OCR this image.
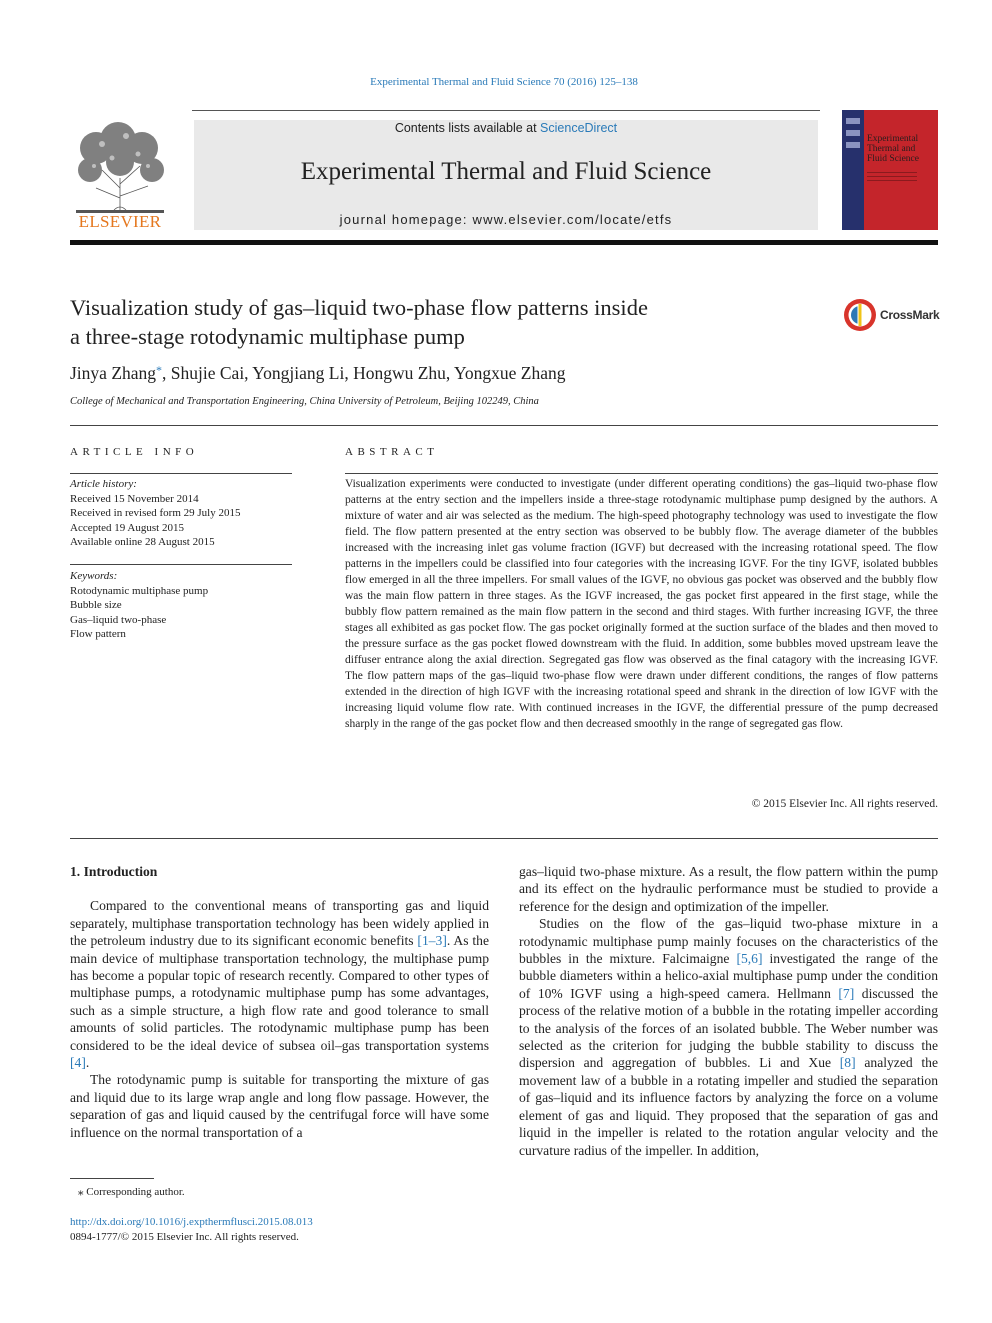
Experimental Thermal and Fluid Science 70 (2016) 125–138
ELSEVIER
Contents lists available at ScienceDirect
Experimental Thermal and Fluid Science
journal homepage: www.elsevier.com/locate/etfs
Experimental Thermal and Fluid Science
Visualization study of gas–liquid two-phase flow patterns inside
a three-stage rotodynamic multiphase pump
CrossMark
Jinya Zhang*, Shujie Cai, Yongjiang Li, Hongwu Zhu, Yongxue Zhang
College of Mechanical and Transportation Engineering, China University of Petroleum, Beijing 102249, China
ARTICLE INFO
Article history:
Received 15 November 2014
Received in revised form 29 July 2015
Accepted 19 August 2015
Available online 28 August 2015
Keywords:
Rotodynamic multiphase pump
Bubble size
Gas–liquid two-phase
Flow pattern
ABSTRACT
Visualization experiments were conducted to investigate (under different operating conditions) the gas–liquid two-phase flow patterns at the entry section and the impellers inside a three-stage rotodynamic multiphase pump designed by the authors. A mixture of water and air was selected as the medium. The high-speed photography technology was used to investigate the flow field. The flow pattern presented at the entry section was observed to be bubbly flow. The average diameter of the bubbles increased with the increasing inlet gas volume fraction (IGVF) but decreased with the increasing rotational speed. The flow patterns in the impellers could be classified into four categories with the increasing IGVF. For the tiny IGVF, isolated bubbles flow emerged in all the three impellers. For small values of the IGVF, no obvious gas pocket was observed and the bubbly flow was the main flow pattern in three stages. As the IGVF increased, the gas pocket first appeared in the first stage, while the bubbly flow pattern remained as the main flow pattern in the second and third stages. With further increasing IGVF, the three stages all exhibited as gas pocket flow. The gas pocket originally formed at the suction surface of the blades and then moved to the pressure surface as the gas pocket flowed downstream with the fluid. In addition, some bubbles moved upstream leave the diffuser entrance along the axial direction. Segregated gas flow was observed as the final catagory with the increasing IGVF. The flow pattern maps of the gas–liquid two-phase flow were drawn under different conditions, the ranges of flow patterns extended in the direction of high IGVF with the increasing rotational speed and shrank in the direction of low IGVF with the increasing liquid volume flow rate. With continued increases in the IGVF, the differential pressure of the pump decreased sharply in the range of the gas pocket flow and then decreased smoothly in the range of segregated gas flow.
© 2015 Elsevier Inc. All rights reserved.
1. Introduction

Compared to the conventional means of transporting gas and liquid separately, multiphase transportation technology has been widely applied in the petroleum industry due to its significant economic benefits [1–3]. As the main device of multiphase transportation technology, the multiphase pump has become a popular topic of research recently. Compared to other types of multiphase pumps, a rotodynamic multiphase pump has some advantages, such as a simple structure, a high flow rate and good tolerance to small amounts of solid particles. The rotodynamic multiphase pump has been considered to be the ideal device of subsea oil–gas transportation systems [4].

The rotodynamic pump is suitable for transporting the mixture of gas and liquid due to its large wrap angle and long flow passage. However, the separation of gas and liquid caused by the centrifugal force will have some influence on the normal transportation of a

gas–liquid two-phase mixture. As a result, the flow pattern within the pump and its effect on the hydraulic performance must be studied to provide a reference for the design and optimization of the impeller.

Studies on the flow of the gas–liquid two-phase mixture in a rotodynamic multiphase pump mainly focuses on the characteristics of the bubbles in the mixture. Falcimaigne [5,6] investigated the range of the bubble diameters within a helico-axial multiphase pump under the condition of 10% IGVF using a high-speed camera. Hellmann [7] discussed the process of the relative motion of a bubble in the rotating impeller according to the analysis of the forces of an isolated bubble. The Weber number was selected as the criterion for judging the bubble stability to discuss the dispersion and aggregation of bubbles. Li and Xue [8] analyzed the movement law of a bubble in a rotating impeller and studied the separation of gas–liquid and its influence factors by analyzing the force on a volume element of gas and liquid. They proposed that the separation of gas and liquid in the impeller is related to the rotation angular velocity and the curvature radius of the impeller. In addition,

⁎ Corresponding author.
http://dx.doi.org/10.1016/j.expthermflusci.2015.08.013
0894-1777/© 2015 Elsevier Inc. All rights reserved.
